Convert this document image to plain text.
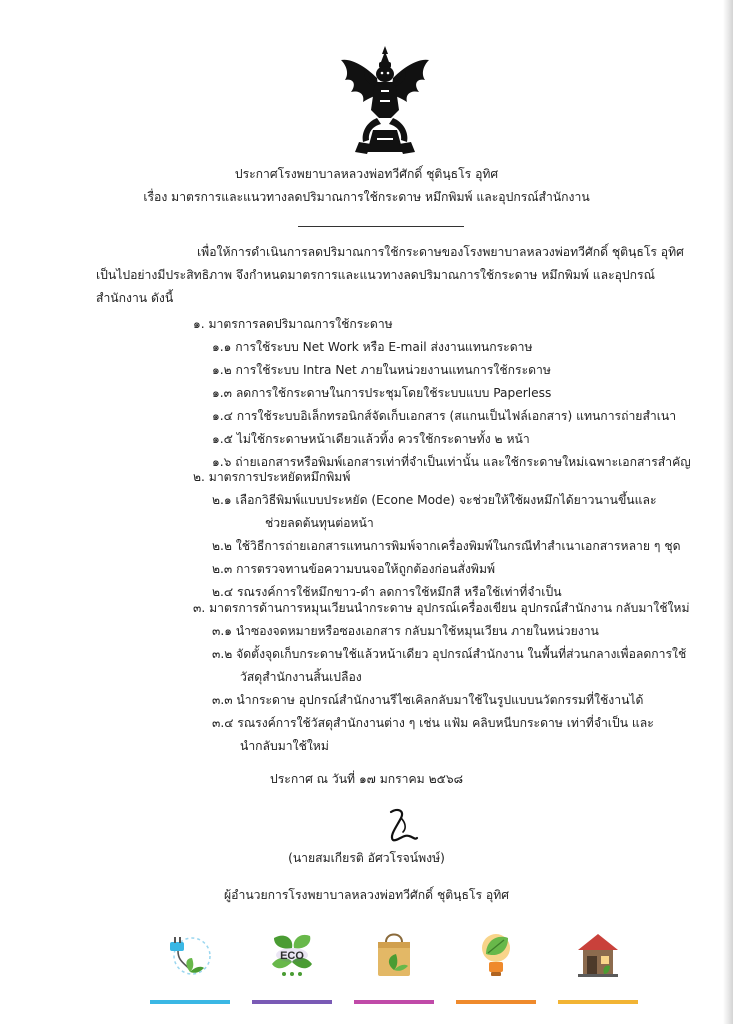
ประกาศโรงพยาบาลหลวงพ่อทวีศักดิ์ ชุตินฺธโร อุทิศ
เรื่อง มาตรการและแนวทางลดปริมาณการใช้กระดาษ หมึกพิมพ์ และอุปกรณ์สำนักงาน
เพื่อให้การดำเนินการลดปริมาณการใช้กระดาษของโรงพยาบาลหลวงพ่อทวีศักดิ์ ชุตินฺธโร อุทิศ
เป็นไปอย่างมีประสิทธิภาพ จึงกำหนดมาตรการและแนวทางลดปริมาณการใช้กระดาษ หมึกพิมพ์ และอุปกรณ์
สำนักงาน ดังนี้
๑. มาตรการลดปริมาณการใช้กระดาษ
๑.๑ การใช้ระบบ Net Work หรือ E-mail ส่งงานแทนกระดาษ
๑.๒ การใช้ระบบ Intra Net ภายในหน่วยงานแทนการใช้กระดาษ
๑.๓ ลดการใช้กระดาษในการประชุมโดยใช้ระบบแบบ Paperless
๑.๔ การใช้ระบบอิเล็กทรอนิกส์จัดเก็บเอกสาร (สแกนเป็นไฟล์เอกสาร) แทนการถ่ายสำเนา
๑.๕ ไม่ใช้กระดาษหน้าเดียวแล้วทิ้ง ควรใช้กระดาษทั้ง ๒ หน้า
๑.๖ ถ่ายเอกสารหรือพิมพ์เอกสารเท่าที่จำเป็นเท่านั้น และใช้กระดาษใหม่เฉพาะเอกสารสำคัญ
๒. มาตรการประหยัดหมึกพิมพ์
๒.๑ เลือกวิธีพิมพ์แบบประหยัด (Econe Mode) จะช่วยให้ใช้ผงหมึกได้ยาวนานขึ้นและ
ช่วยลดต้นทุนต่อหน้า
๒.๒ ใช้วิธีการถ่ายเอกสารแทนการพิมพ์จากเครื่องพิมพ์ในกรณีทำสำเนาเอกสารหลาย ๆ ชุด
๒.๓ การตรวจทานข้อความบนจอให้ถูกต้องก่อนสั่งพิมพ์
๒.๔ รณรงค์การใช้หมึกขาว-ดำ ลดการใช้หมึกสี หรือใช้เท่าที่จำเป็น
๓. มาตรการด้านการหมุนเวียนนำกระดาษ อุปกรณ์เครื่องเขียน อุปกรณ์สำนักงาน กลับมาใช้ใหม่
๓.๑ นำซองจดหมายหรือซองเอกสาร กลับมาใช้หมุนเวียน ภายในหน่วยงาน
๓.๒ จัดตั้งจุดเก็บกระดาษใช้แล้วหน้าเดียว อุปกรณ์สำนักงาน ในพื้นที่ส่วนกลางเพื่อลดการใช้
วัสดุสำนักงานสิ้นเปลือง
๓.๓ นำกระดาษ อุปกรณ์สำนักงานรีไซเคิลกลับมาใช้ในรูปแบบนวัตกรรมที่ใช้งานได้
๓.๔ รณรงค์การใช้วัสดุสำนักงานต่าง ๆ เช่น แฟ้ม คลิบหนีบกระดาษ เท่าที่จำเป็น และ
นำกลับมาใช้ใหม่
ประกาศ ณ วันที่ ๑๗ มกราคม ๒๕๖๘
(นายสมเกียรติ อัศวโรจน์พงษ์)
ผู้อำนวยการโรงพยาบาลหลวงพ่อทวีศักดิ์ ชุตินฺธโร อุทิศ
ECO
